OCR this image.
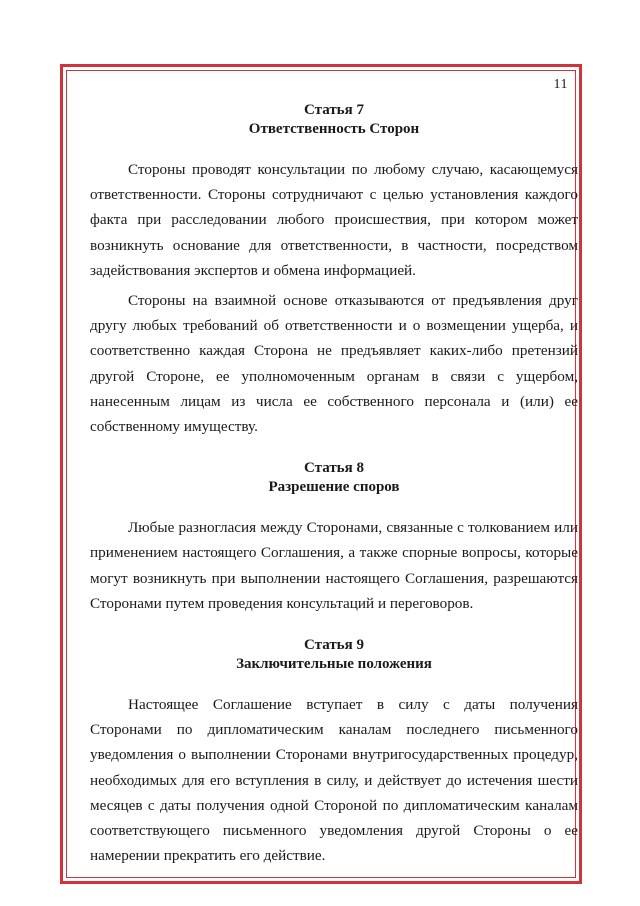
11
Статья 7
Ответственность Сторон

Стороны проводят консультации по любому случаю, касающемуся ответственности. Стороны сотрудничают с целью установления каждого факта при расследовании любого происшествия, при котором может возникнуть основание для ответственности, в частности, посредством задействования экспертов и обмена информацией.

Стороны на взаимной основе отказываются от предъявления друг другу любых требований об ответственности и о возмещении ущерба, и соответственно каждая Сторона не предъявляет каких-либо претензий другой Стороне, ее уполномоченным органам в связи с ущербом, нанесенным лицам из числа ее собственного персонала и (или) ее собственному имуществу.

Статья 8
Разрешение споров

Любые разногласия между Сторонами, связанные с толкованием или применением настоящего Соглашения, а также спорные вопросы, которые могут возникнуть при выполнении настоящего Соглашения, разрешаются Сторонами путем проведения консультаций и переговоров.

Статья 9
Заключительные положения

Настоящее Соглашение вступает в силу с даты получения Сторонами по дипломатическим каналам последнего письменного уведомления о выполнении Сторонами внутригосударственных процедур, необходимых для его вступления в силу, и действует до истечения шести месяцев с даты получения одной Стороной по дипломатическим каналам соответствующего письменного уведомления другой Стороны о ее намерении прекратить его действие.
